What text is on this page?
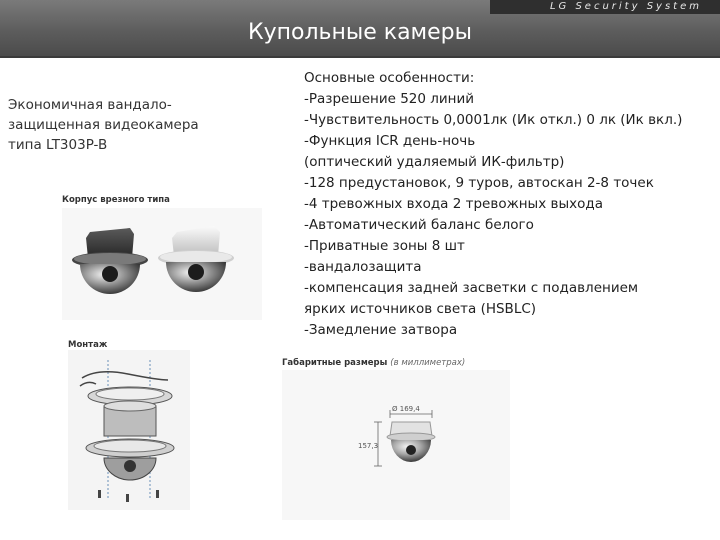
LG Security System
Купольные камеры
Экономичная вандало-
защищенная видеокамера
типа LT303P-B
Корпус врезного типа
Монтаж
Габаритные размеры (в миллиметрах)
Ø 169,4
157,3
Основные особенности:
-Разрешение 520 линий
-Чувствительность 0,0001лк (Ик откл.) 0 лк (Ик вкл.)
-Функция ICR день-ночь
(оптический удаляемый ИК-фильтр)
-128 предустановок, 9 туров, автоскан 2-8 точек
-4 тревожных входа 2 тревожных выхода
-Автоматический баланс белого
-Приватные зоны 8 шт
-вандалозащита
-компенсация задней засветки с подавлением
ярких источников света (HSBLC)
-Замедление затвора
